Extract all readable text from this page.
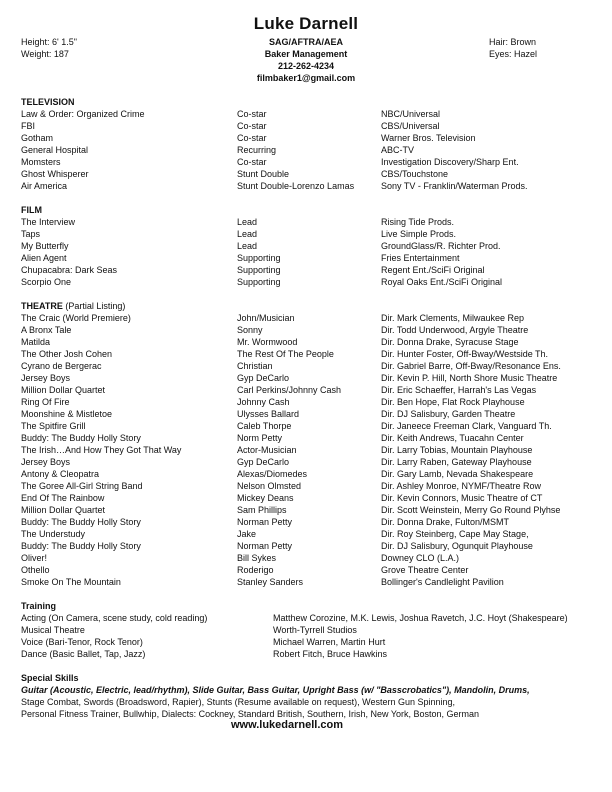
Luke Darnell
Height: 6' 1.5"
Weight: 187
SAG/AFTRA/AEA
Baker Management
212-262-4234
filmbaker1@gmail.com
Hair: Brown
Eyes: Hazel
TELEVISION
Law & Order: Organized Crime	Co-star	NBC/Universal
FBI	Co-star	CBS/Universal
Gotham	Co-star	Warner Bros. Television
General Hospital	Recurring	ABC-TV
Momsters	Co-star	Investigation Discovery/Sharp Ent.
Ghost Whisperer	Stunt Double	CBS/Touchstone
Air America	Stunt Double-Lorenzo Lamas	Sony TV - Franklin/Waterman Prods.
FILM
The Interview	Lead	Rising Tide Prods.
Taps	Lead	Live Simple Prods.
My Butterfly	Lead	GroundGlass/R. Richter Prod.
Alien Agent	Supporting	Fries Entertainment
Chupacabra: Dark Seas	Supporting	Regent Ent./SciFi Original
Scorpio One	Supporting	Royal Oaks Ent./SciFi Original
THEATRE (Partial Listing)
The Craic (World Premiere)	John/Musician	Dir. Mark Clements, Milwaukee Rep
A Bronx Tale	Sonny	Dir. Todd Underwood, Argyle Theatre
Matilda	Mr. Wormwood	Dir. Donna Drake, Syracuse Stage
The Other Josh Cohen	The Rest Of The People	Dir. Hunter Foster, Off-Bway/Westside Th.
Cyrano de Bergerac	Christian	Dir. Gabriel Barre, Off-Bway/Resonance Ens.
Jersey Boys	Gyp DeCarlo	Dir. Kevin P. Hill, North Shore Music Theatre
Million Dollar Quartet	Carl Perkins/Johnny Cash	Dir. Eric Schaeffer, Harrah's Las Vegas
Ring Of Fire	Johnny Cash	Dir. Ben Hope, Flat Rock Playhouse
Moonshine & Mistletoe	Ulysses Ballard	Dir. DJ Salisbury, Garden Theatre
The Spitfire Grill	Caleb Thorpe	Dir. Janeece Freeman Clark, Vanguard Th.
Buddy: The Buddy Holly Story	Norm Petty	Dir. Keith Andrews, Tuacahn Center
The Irish…And How They Got That Way	Actor-Musician	Dir. Larry Tobias, Mountain Playhouse
Jersey Boys	Gyp DeCarlo	Dir. Larry Raben, Gateway Playhouse
Antony & Cleopatra	Alexas/Diomedes	Dir. Gary Lamb, Nevada Shakespeare
The Goree All-Girl String Band	Nelson Olmsted	Dir. Ashley Monroe, NYMF/Theatre Row
End Of The Rainbow	Mickey Deans	Dir. Kevin Connors, Music Theatre of CT
Million Dollar Quartet	Sam Phillips	Dir. Scott Weinstein, Merry Go Round Plyhse
Buddy: The Buddy Holly Story	Norman Petty	Dir. Donna Drake, Fulton/MSMT
The Understudy	Jake	Dir. Roy Steinberg, Cape May Stage,
Buddy: The Buddy Holly Story	Norman Petty	Dir. DJ Salisbury, Ogunquit Playhouse
Oliver!	Bill Sykes	Downey CLO (L.A.)
Othello	Roderigo	Grove Theatre Center
Smoke On The Mountain	Stanley Sanders	Bollinger's Candlelight Pavilion
Training
Acting (On Camera, scene study, cold reading)	Matthew Corozine, M.K. Lewis, Joshua Ravetch, J.C. Hoyt (Shakespeare)
Musical Theatre	Worth-Tyrrell Studios
Voice (Bari-Tenor, Rock Tenor)	Michael Warren, Martin Hurt
Dance (Basic Ballet, Tap, Jazz)	Robert Fitch, Bruce Hawkins
Special Skills
Guitar (Acoustic, Electric, lead/rhythm), Slide Guitar, Bass Guitar, Upright Bass (w/ "Basscrobatics"), Mandolin, Drums,
Stage Combat, Swords (Broadsword, Rapier), Stunts (Resume available on request), Western Gun Spinning,
Personal Fitness Trainer, Bullwhip, Dialects: Cockney, Standard British, Southern, Irish, New York, Boston, German
www.lukedarnell.com
